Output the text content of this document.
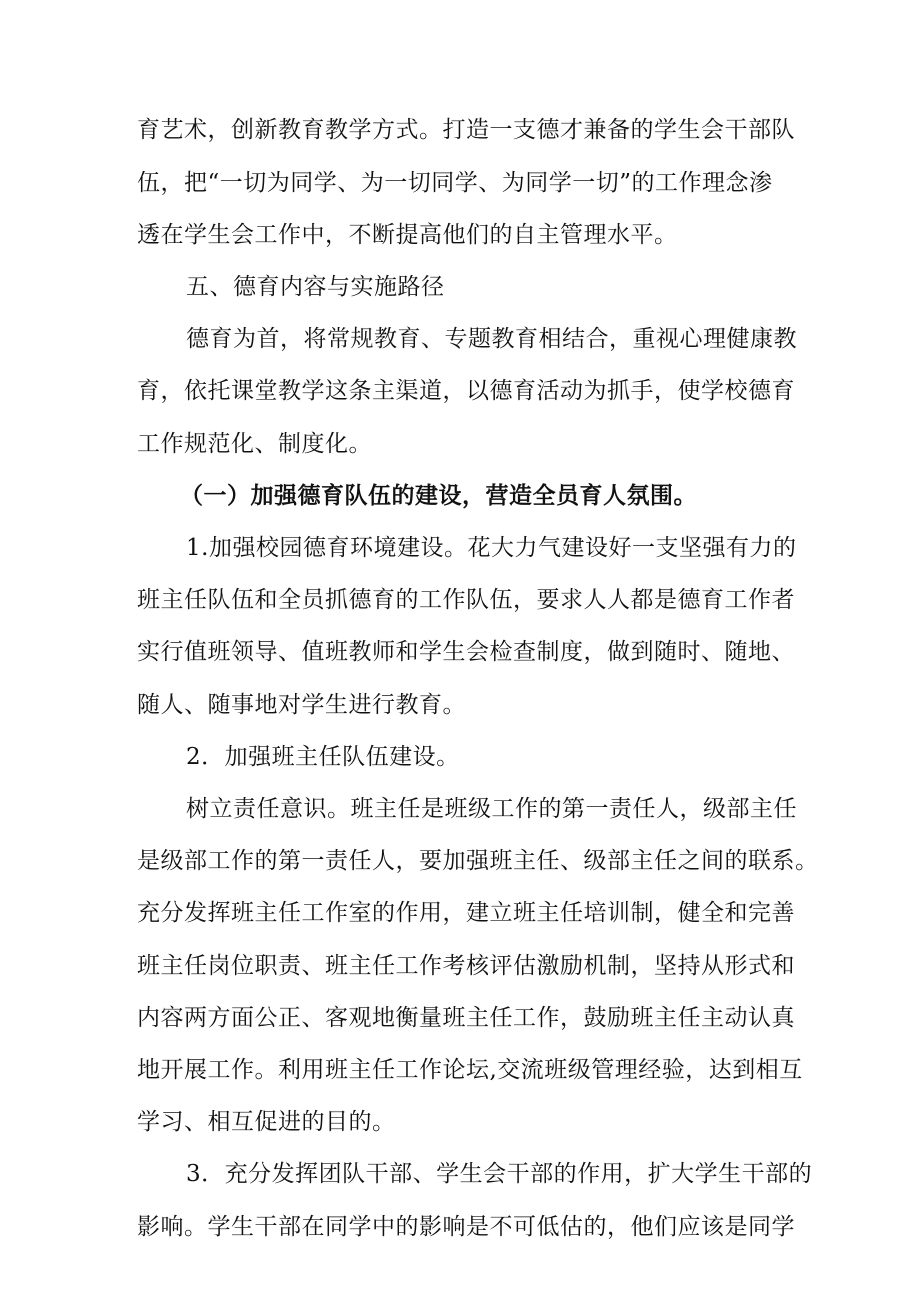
育艺术，创新教育教学方式。打造一支德才兼备的学生会干部队
伍，把“一切为同学、为一切同学、为同学一切”的工作理念渗
透在学生会工作中，不断提高他们的自主管理水平。
五、德育内容与实施路径
德育为首，将常规教育、专题教育相结合，重视心理健康教
育，依托课堂教学这条主渠道，以德育活动为抓手，使学校德育
工作规范化、制度化。
（一）加强德育队伍的建设，营造全员育人氛围。
1.加强校园德育环境建设。花大力气建设好一支坚强有力的
班主任队伍和全员抓德育的工作队伍，要求人人都是德育工作者
实行值班领导、值班教师和学生会检查制度，做到随时、随地、
随人、随事地对学生进行教育。
2．加强班主任队伍建设。
树立责任意识。班主任是班级工作的第一责任人，级部主任
是级部工作的第一责任人，要加强班主任、级部主任之间的联系。
充分发挥班主任工作室的作用，建立班主任培训制，健全和完善
班主任岗位职责、班主任工作考核评估激励机制，坚持从形式和
内容两方面公正、客观地衡量班主任工作，鼓励班主任主动认真
地开展工作。利用班主任工作论坛,交流班级管理经验，达到相互
学习、相互促进的目的。
3．充分发挥团队干部、学生会干部的作用，扩大学生干部的
影响。学生干部在同学中的影响是不可低估的，他们应该是同学
